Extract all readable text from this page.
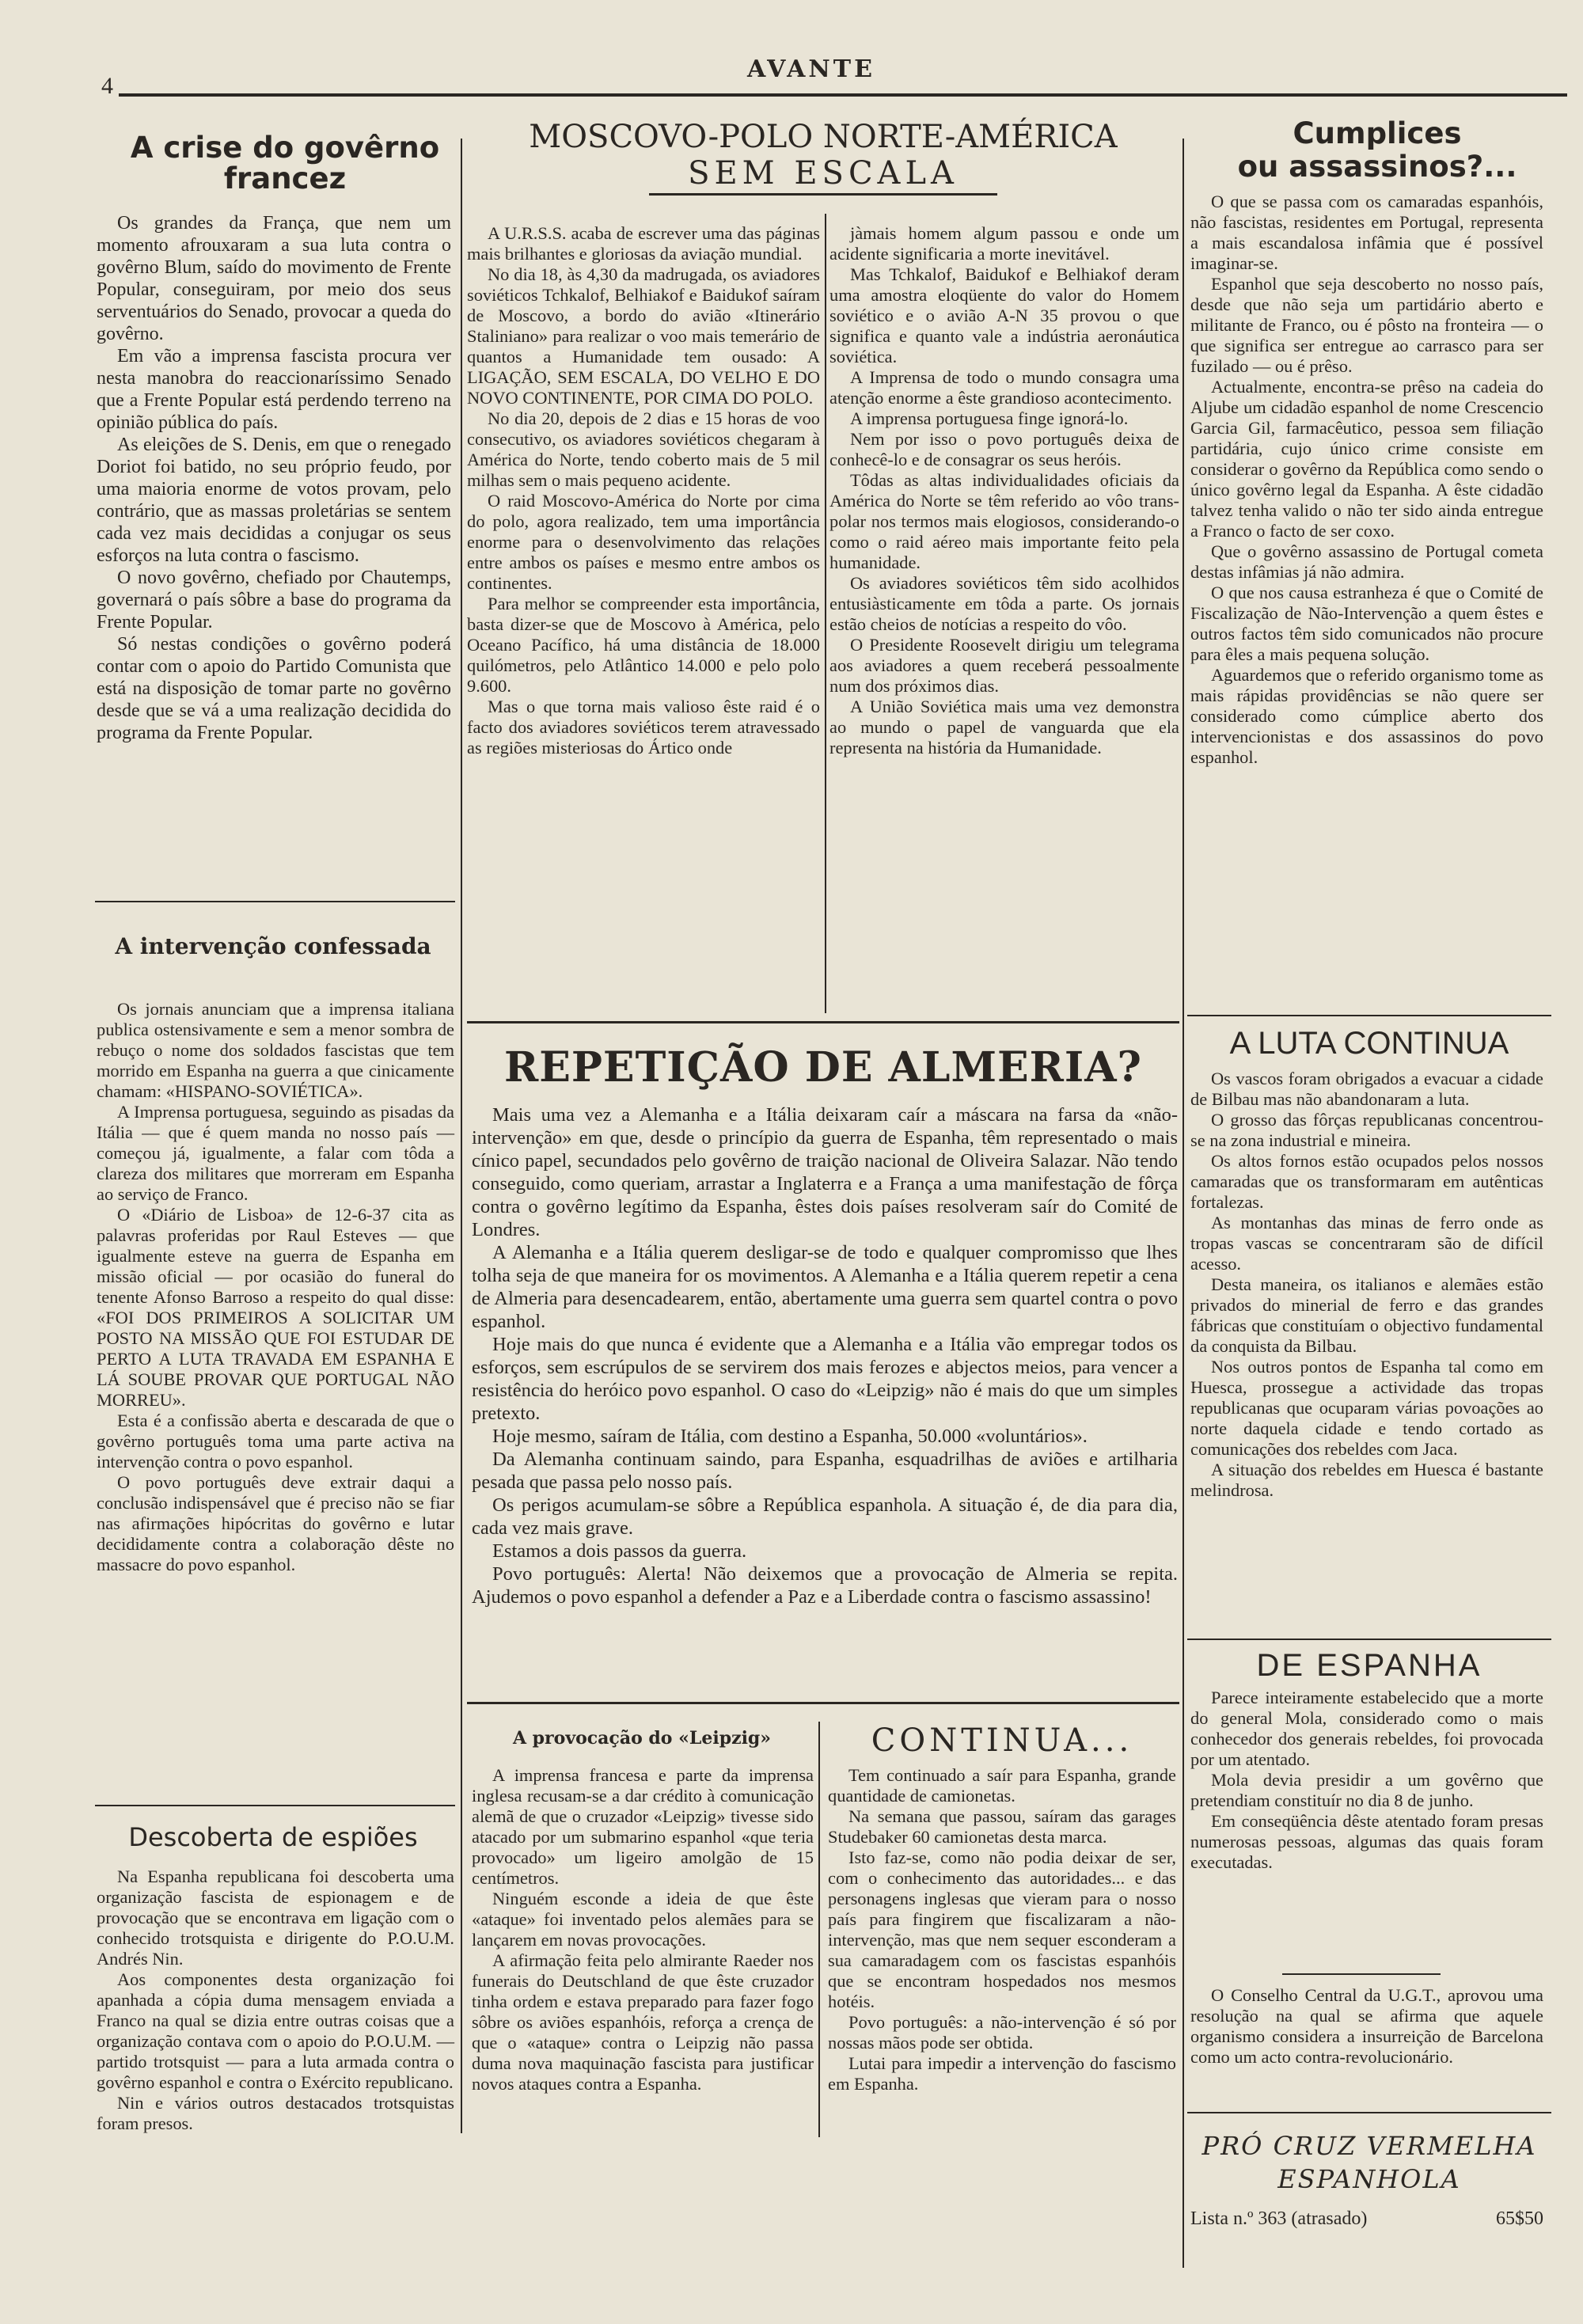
4
AVANTE
A crise do govêrno francez

Os grandes da França, que nem um momento afrouxaram a sua luta contra o govêrno Blum, saído do movimento de Frente Popular, conseguiram, por meio dos seus serventuários do Senado, provocar a queda do govêrno.

Em vão a imprensa fascista procura ver nesta manobra do reaccionaríssimo Senado que a Frente Popular está perdendo terreno na opinião pública do país.

As eleições de S. Denis, em que o renegado Doriot foi batido, no seu próprio feudo, por uma maioria enorme de votos provam, pelo contrário, que as massas proletárias se sentem cada vez mais decididas a conjugar os seus esforços na luta contra o fascismo.

O novo govêrno, chefiado por Chautemps, governará o país sôbre a base do programa da Frente Popular.

Só nestas condições o govêrno poderá contar com o apoio do Partido Comunista que está na disposição de tomar parte no govêrno desde que se vá a uma realização decidida do programa da Frente Popular.

A intervenção confessada

Os jornais anunciam que a imprensa italiana publica ostensivamente e sem a menor sombra de rebuço o nome dos soldados fascistas que tem morrido em Espanha na guerra a que cinicamente chamam: «HISPANO-SOVIÉTICA».

A Imprensa portuguesa, seguindo as pisadas da Itália — que é quem manda no nosso país — começou já, igualmente, a falar com tôda a clareza dos militares que morreram em Espanha ao serviço de Franco.

O «Diário de Lisboa» de 12-6-37 cita as palavras proferidas por Raul Esteves — que igualmente esteve na guerra de Espanha em missão oficial — por ocasião do funeral do tenente Afonso Barroso a respeito do qual disse: «FOI DOS PRIMEIROS A SOLICITAR UM POSTO NA MISSÃO QUE FOI ESTUDAR DE PERTO A LUTA TRAVADA EM ESPANHA E LÁ SOUBE PROVAR QUE PORTUGAL NÃO MORREU».

Esta é a confissão aberta e descarada de que o govêrno português toma uma parte activa na intervenção contra o povo espanhol.

O povo português deve extrair daqui a conclusão indispensável que é preciso não se fiar nas afirmações hipócritas do govêrno e lutar decididamente contra a colaboração dêste no massacre do povo espanhol.

Descoberta de espiões

Na Espanha republicana foi descoberta uma organização fascista de espionagem e de provocação que se encontrava em ligação com o conhecido trotsquista e dirigente do P.O.U.M. Andrés Nin.

Aos componentes desta organização foi apanhada a cópia duma mensagem enviada a Franco na qual se dizia entre outras coisas que a organização contava com o apoio do P.O.U.M. — partido trotsquist — para a luta armada contra o govêrno espanhol e contra o Exército republicano.

Nin e vários outros destacados trotsquistas foram presos.

MOSCOVO-POLO NORTE-AMÉRICA
SEM ESCALA

A U.R.S.S. acaba de escrever uma das páginas mais brilhantes e gloriosas da aviação mundial.

No dia 18, às 4,30 da madrugada, os aviadores soviéticos Tchkalof, Belhiakof e Baidukof saíram de Moscovo, a bordo do avião «Itinerário Staliniano» para realizar o voo mais temerário de quantos a Humanidade tem ousado: A LIGAÇÃO, SEM ESCALA, DO VELHO E DO NOVO CONTINENTE, POR CIMA DO POLO.

No dia 20, depois de 2 dias e 15 horas de voo consecutivo, os aviadores soviéticos chegaram à América do Norte, tendo coberto mais de 5 mil milhas sem o mais pequeno acidente.

O raid Moscovo-América do Norte por cima do polo, agora realizado, tem uma importância enorme para o desenvolvimento das relações entre ambos os países e mesmo entre ambos os continentes.

Para melhor se compreender esta importância, basta dizer-se que de Moscovo à América, pelo Oceano Pacífico, há uma distância de 18.000 quilómetros, pelo Atlântico 14.000 e pelo polo 9.600.

Mas o que torna mais valioso êste raid é o facto dos aviadores soviéticos terem atravessado as regiões misteriosas do Ártico onde

jàmais homem algum passou e onde um acidente significaria a morte inevitável.

Mas Tchkalof, Baidukof e Belhiakof deram uma amostra eloqüente do valor do Homem soviético e o avião A-N 35 provou o que significa e quanto vale a indústria aeronáutica soviética.

A Imprensa de todo o mundo consagra uma atenção enorme a êste grandioso acontecimento.

A imprensa portuguesa finge ignorá-lo.

Nem por isso o povo português deixa de conhecê-lo e de consagrar os seus heróis.

Tôdas as altas individualidades oficiais da América do Norte se têm referido ao vôo trans-polar nos termos mais elogiosos, considerando-o como o raid aéreo mais importante feito pela humanidade.

Os aviadores soviéticos têm sido acolhidos entusiàsticamente em tôda a parte. Os jornais estão cheios de notícias a respeito do vôo.

O Presidente Roosevelt dirigiu um telegrama aos aviadores a quem receberá pessoalmente num dos próximos dias.

A União Soviética mais uma vez demonstra ao mundo o papel de vanguarda que ela representa na história da Humanidade.

REPETIÇÃO DE ALMERIA?

Mais uma vez a Alemanha e a Itália deixaram caír a máscara na farsa da «não-intervenção» em que, desde o princípio da guerra de Espanha, têm representado o mais cínico papel, secundados pelo govêrno de traição nacional de Oliveira Salazar. Não tendo conseguido, como queriam, arrastar a Inglaterra e a França a uma manifestação de fôrça contra o govêrno legítimo da Espanha, êstes dois países resolveram saír do Comité de Londres.

A Alemanha e a Itália querem desligar-se de todo e qualquer compromisso que lhes tolha seja de que maneira for os movimentos. A Alemanha e a Itália querem repetir a cena de Almeria para desencadearem, então, abertamente uma guerra sem quartel contra o povo espanhol.

Hoje mais do que nunca é evidente que a Alemanha e a Itália vão empregar todos os esforços, sem escrúpulos de se servirem dos mais ferozes e abjectos meios, para vencer a resistência do heróico povo espanhol. O caso do «Leipzig» não é mais do que um simples pretexto.

Hoje mesmo, saíram de Itália, com destino a Espanha, 50.000 «voluntários».

Da Alemanha continuam saindo, para Espanha, esquadrilhas de aviões e artilharia pesada que passa pelo nosso país.

Os perigos acumulam-se sôbre a República espanhola. A situação é, de dia para dia, cada vez mais grave.

Estamos a dois passos da guerra.

Povo português: Alerta! Não deixemos que a provocação de Almeria se repita. Ajudemos o povo espanhol a defender a Paz e a Liberdade contra o fascismo assassino!

A provocação do «Leipzig»

A imprensa francesa e parte da imprensa inglesa recusam-se a dar crédito à comunicação alemã de que o cruzador «Leipzig» tivesse sido atacado por um submarino espanhol «que teria provocado» um ligeiro amolgão de 15 centímetros.

Ninguém esconde a ideia de que êste «ataque» foi inventado pelos alemães para se lançarem em novas provocações.

A afirmação feita pelo almirante Raeder nos funerais do Deutschland de que êste cruzador tinha ordem e estava preparado para fazer fogo sôbre os aviões espanhóis, reforça a crença de que o «ataque» contra o Leipzig não passa duma nova maquinação fascista para justificar novos ataques contra a Espanha.

CONTINUA...

Tem continuado a saír para Espanha, grande quantidade de camionetas.

Na semana que passou, saíram das garages Studebaker 60 camionetas desta marca.

Isto faz-se, como não podia deixar de ser, com o conhecimento das autoridades... e das personagens inglesas que vieram para o nosso país para fingirem que fiscalizaram a não-intervenção, mas que nem sequer esconderam a sua camaradagem com os fascistas espanhóis que se encontram hospedados nos mesmos hotéis.

Povo português: a não-intervenção é só por nossas mãos pode ser obtida.

Lutai para impedir a intervenção do fascismo em Espanha.

Cumplices
ou assassinos?...

O que se passa com os camaradas espanhóis, não fascistas, residentes em Portugal, representa a mais escandalosa infâmia que é possível imaginar-se.

Espanhol que seja descoberto no nosso país, desde que não seja um partidário aberto e militante de Franco, ou é pôsto na fronteira — o que significa ser entregue ao carrasco para ser fuzilado — ou é prêso.

Actualmente, encontra-se prêso na cadeia do Aljube um cidadão espanhol de nome Crescencio Garcia Gil, farmacêutico, pessoa sem filiação partidária, cujo único crime consiste em considerar o govêrno da República como sendo o único govêrno legal da Espanha. A êste cidadão talvez tenha valido o não ter sido ainda entregue a Franco o facto de ser coxo.

Que o govêrno assassino de Portugal cometa destas infâmias já não admira.

O que nos causa estranheza é que o Comité de Fiscalização de Não-Intervenção a quem êstes e outros factos têm sido comunicados não procure para êles a mais pequena solução.

Aguardemos que o referido organismo tome as mais rápidas providências se não quere ser considerado como cúmplice aberto dos intervencionistas e dos assassinos do povo espanhol.

A LUTA CONTINUA

Os vascos foram obrigados a evacuar a cidade de Bilbau mas não abandonaram a luta.

O grosso das fôrças republicanas concentrou-se na zona industrial e mineira.

Os altos fornos estão ocupados pelos nossos camaradas que os transformaram em autênticas fortalezas.

As montanhas das minas de ferro onde as tropas vascas se concentraram são de difícil acesso.

Desta maneira, os italianos e alemães estão privados do minerial de ferro e das grandes fábricas que constituíam o objectivo fundamental da conquista da Bilbau.

Nos outros pontos de Espanha tal como em Huesca, prossegue a actividade das tropas republicanas que ocuparam várias povoações ao norte daquela cidade e tendo cortado as comunicações dos rebeldes com Jaca.

A situação dos rebeldes em Huesca é bastante melindrosa.

DE ESPANHA

Parece inteiramente estabelecido que a morte do general Mola, considerado como o mais conhecedor dos generais rebeldes, foi provocada por um atentado.

Mola devia presidir a um govêrno que pretendiam constituír no dia 8 de junho.

Em conseqüência dêste atentado foram presas numerosas pessoas, algumas das quais foram executadas.

O Conselho Central da U.G.T., aprovou uma resolução na qual se afirma que aquele organismo considera a insurreição de Barcelona como um acto contra-revolucionário.

PRÓ CRUZ VERMELHA
ESPANHOLA
Lista n.º 363 (atrasado)	65$50
